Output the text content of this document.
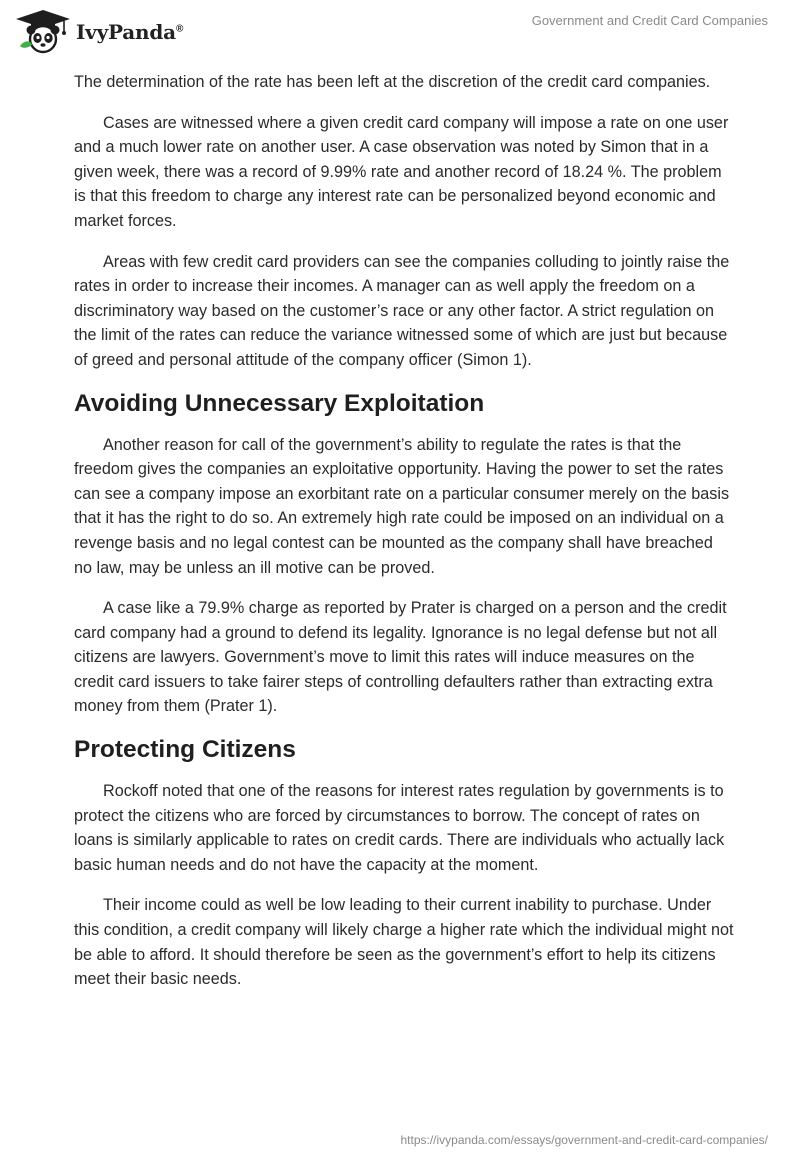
IvyPanda®
Government and Credit Card Companies

The determination of the rate has been left at the discretion of the credit card companies.

Cases are witnessed where a given credit card company will impose a rate on one user and a much lower rate on another user. A case observation was noted by Simon that in a given week, there was a record of 9.99% rate and another record of 18.24 %. The problem is that this freedom to charge any interest rate can be personalized beyond economic and market forces.

Areas with few credit card providers can see the companies colluding to jointly raise the rates in order to increase their incomes. A manager can as well apply the freedom on a discriminatory way based on the customer’s race or any other factor. A strict regulation on the limit of the rates can reduce the variance witnessed some of which are just but because of greed and personal attitude of the company officer (Simon 1).

Avoiding Unnecessary Exploitation

Another reason for call of the government’s ability to regulate the rates is that the freedom gives the companies an exploitative opportunity. Having the power to set the rates can see a company impose an exorbitant rate on a particular consumer merely on the basis that it has the right to do so. An extremely high rate could be imposed on an individual on a revenge basis and no legal contest can be mounted as the company shall have breached no law, may be unless an ill motive can be proved.

A case like a 79.9% charge as reported by Prater is charged on a person and the credit card company had a ground to defend its legality. Ignorance is no legal defense but not all citizens are lawyers. Government’s move to limit this rates will induce measures on the credit card issuers to take fairer steps of controlling defaulters rather than extracting extra money from them (Prater 1).

Protecting Citizens

Rockoff noted that one of the reasons for interest rates regulation by governments is to protect the citizens who are forced by circumstances to borrow. The concept of rates on loans is similarly applicable to rates on credit cards. There are individuals who actually lack basic human needs and do not have the capacity at the moment.

Their income could as well be low leading to their current inability to purchase. Under this condition, a credit company will likely charge a higher rate which the individual might not be able to afford. It should therefore be seen as the government’s effort to help its citizens meet their basic needs.

https://ivypanda.com/essays/government-and-credit-card-companies/
